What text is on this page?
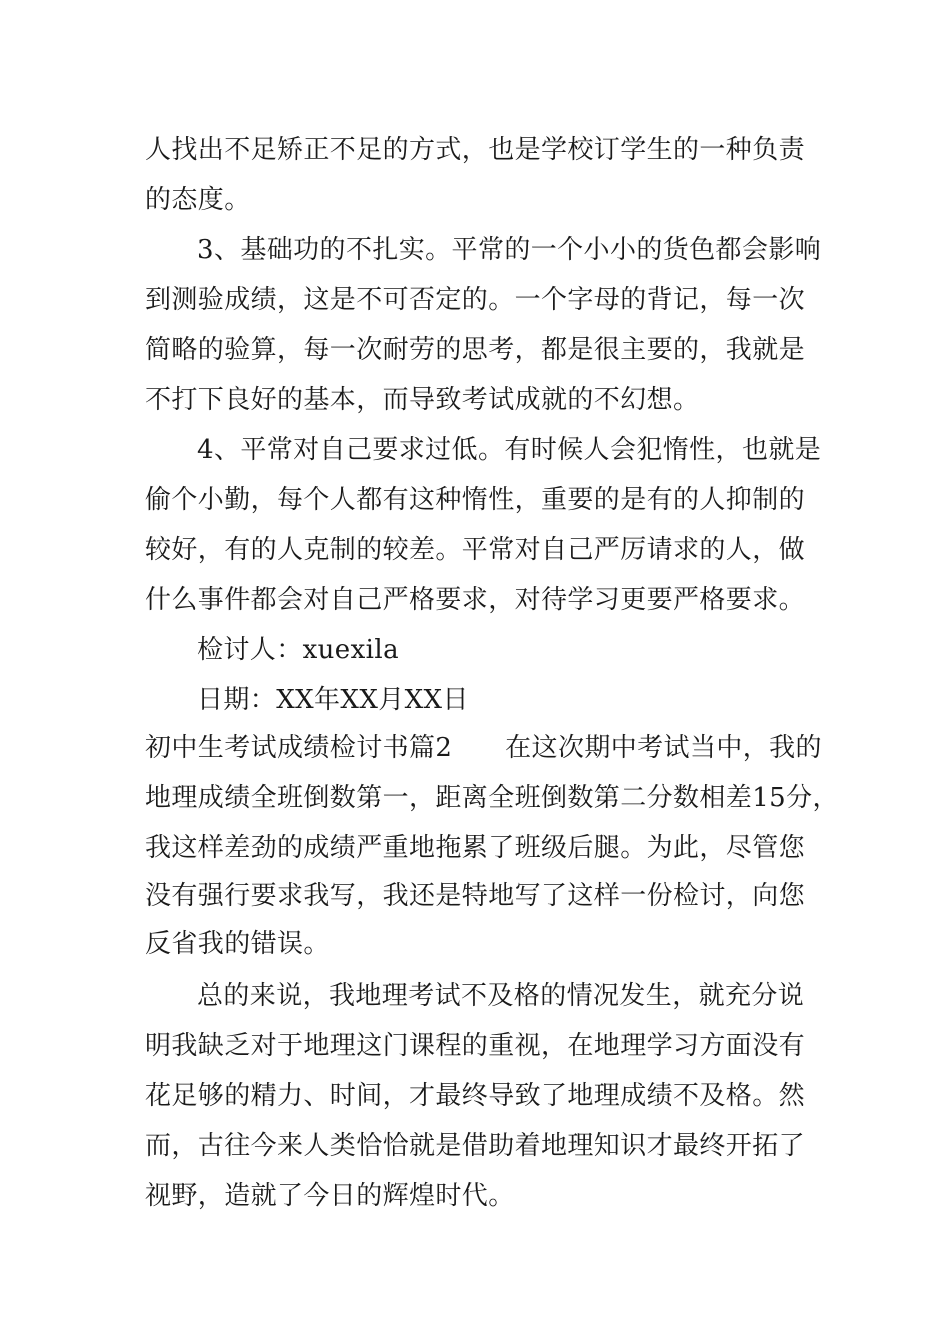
人找出不足矫正不足的方式，也是学校订学生的一种负责
的态度。
3、基础功的不扎实。平常的一个小小的货色都会影响
到测验成绩，这是不可否定的。一个字母的背记，每一次
简略的验算，每一次耐劳的思考，都是很主要的，我就是
不打下良好的基本，而导致考试成就的不幻想。
4、平常对自己要求过低。有时候人会犯惰性，也就是
偷个小勤，每个人都有这种惰性，重要的是有的人抑制的
较好，有的人克制的较差。平常对自己严厉请求的人，做
什么事件都会对自己严格要求，对待学习更要严格要求。
检讨人：xuexila
日期：XX年XX月XX日
初中生考试成绩检讨书篇2　　在这次期中考试当中，我的
地理成绩全班倒数第一，距离全班倒数第二分数相差15分，
我这样差劲的成绩严重地拖累了班级后腿。为此，尽管您
没有强行要求我写，我还是特地写了这样一份检讨，向您
反省我的错误。
总的来说，我地理考试不及格的情况发生，就充分说
明我缺乏对于地理这门课程的重视，在地理学习方面没有
花足够的精力、时间，才最终导致了地理成绩不及格。然
而，古往今来人类恰恰就是借助着地理知识才最终开拓了
视野，造就了今日的辉煌时代。
